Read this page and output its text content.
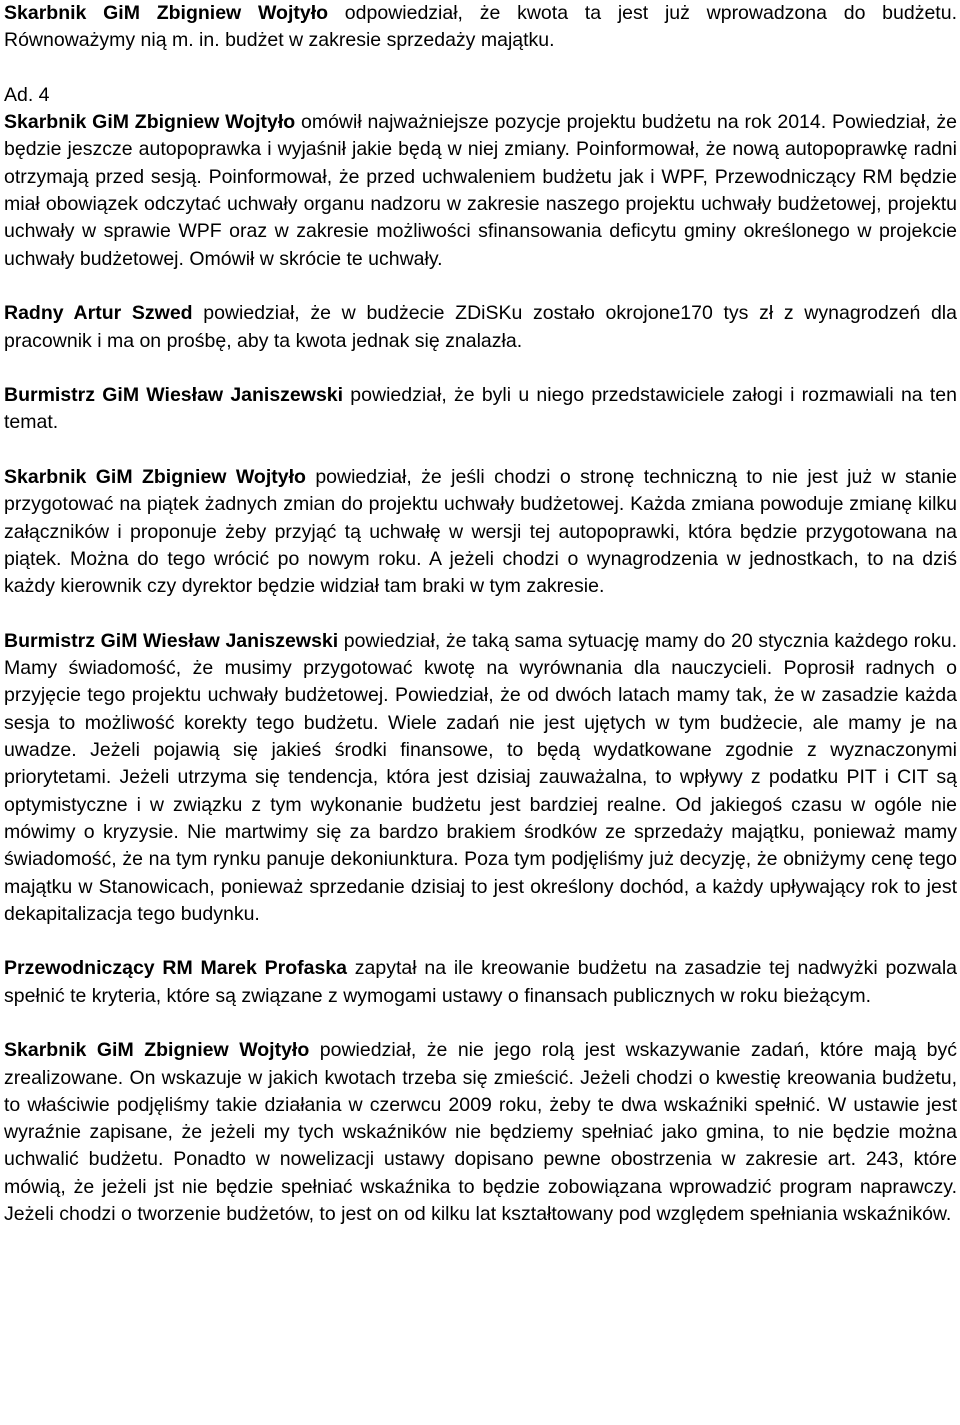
Skarbnik GiM Zbigniew Wojtyło odpowiedział, że kwota ta jest już wprowadzona do budżetu. Równoważymy nią m. in. budżet w zakresie sprzedaży majątku.

Ad. 4
Skarbnik GiM Zbigniew Wojtyło omówił najważniejsze pozycje projektu budżetu na rok 2014. Powiedział, że będzie jeszcze autopoprawka i wyjaśnił jakie będą w niej zmiany. Poinformował, że nową autopoprawkę radni otrzymają przed sesją. Poinformował, że przed uchwaleniem budżetu jak i WPF, Przewodniczący RM będzie miał obowiązek odczytać uchwały organu nadzoru w zakresie naszego projektu uchwały budżetowej, projektu uchwały w sprawie WPF oraz w zakresie możliwości sfinansowania deficytu gminy określonego w projekcie uchwały budżetowej. Omówił w skrócie te uchwały.

Radny Artur Szwed powiedział, że w budżecie ZDiSKu zostało okrojone170 tys zł z wynagrodzeń dla pracownik i ma on prośbę, aby ta kwota jednak się znalazła.

Burmistrz GiM Wiesław Janiszewski powiedział, że byli u niego przedstawiciele załogi i rozmawiali na ten temat.

Skarbnik GiM Zbigniew Wojtyło powiedział, że jeśli chodzi o stronę techniczną to nie jest już w stanie przygotować na piątek żadnych zmian do projektu uchwały budżetowej. Każda zmiana powoduje zmianę kilku załączników i proponuje żeby przyjąć tą uchwałę w wersji tej autopoprawki, która będzie przygotowana na piątek. Można do tego wrócić po nowym roku. A jeżeli chodzi o wynagrodzenia w jednostkach, to na dziś każdy kierownik czy dyrektor będzie widział tam braki w tym zakresie.

Burmistrz GiM Wiesław Janiszewski powiedział, że taką sama sytuację mamy do 20 stycznia każdego roku. Mamy świadomość, że musimy przygotować kwotę na wyrównania dla nauczycieli. Poprosił radnych o przyjęcie tego projektu uchwały budżetowej. Powiedział, że od dwóch latach mamy tak, że w zasadzie każda sesja to możliwość korekty tego budżetu. Wiele zadań nie jest ujętych w tym budżecie, ale mamy je na uwadze. Jeżeli pojawią się jakieś środki finansowe, to będą wydatkowane zgodnie z wyznaczonymi priorytetami. Jeżeli utrzyma się tendencja, która jest dzisiaj zauważalna, to wpływy z podatku PIT i CIT są optymistyczne i w związku z tym wykonanie budżetu jest bardziej realne. Od jakiegoś czasu w ogóle nie mówimy o kryzysie. Nie martwimy się za bardzo brakiem środków ze sprzedaży majątku, ponieważ mamy świadomość, że na tym rynku panuje dekoniunktura. Poza tym podjęliśmy już decyzję, że obniżymy cenę tego majątku w Stanowicach, ponieważ sprzedanie dzisiaj to jest określony dochód, a każdy upływający rok to jest dekapitalizacja tego budynku.

Przewodniczący RM Marek Profaska zapytał na ile kreowanie budżetu na zasadzie tej nadwyżki pozwala spełnić te kryteria, które są związane z wymogami ustawy o finansach publicznych w roku bieżącym.

Skarbnik GiM Zbigniew Wojtyło powiedział, że nie jego rolą jest wskazywanie zadań, które mają być zrealizowane. On wskazuje w jakich kwotach trzeba się zmieścić. Jeżeli chodzi o kwestię kreowania budżetu, to właściwie podjęliśmy takie działania w czerwcu 2009 roku, żeby te dwa wskaźniki spełnić. W ustawie jest wyraźnie zapisane, że jeżeli my tych wskaźników nie będziemy spełniać jako gmina, to nie będzie można uchwalić budżetu. Ponadto w nowelizacji ustawy dopisano pewne obostrzenia w zakresie art. 243, które mówią, że jeżeli jst nie będzie spełniać wskaźnika to będzie zobowiązana wprowadzić program naprawczy. Jeżeli chodzi o tworzenie budżetów, to jest on od kilku lat kształtowany pod względem spełniania wskaźników.
